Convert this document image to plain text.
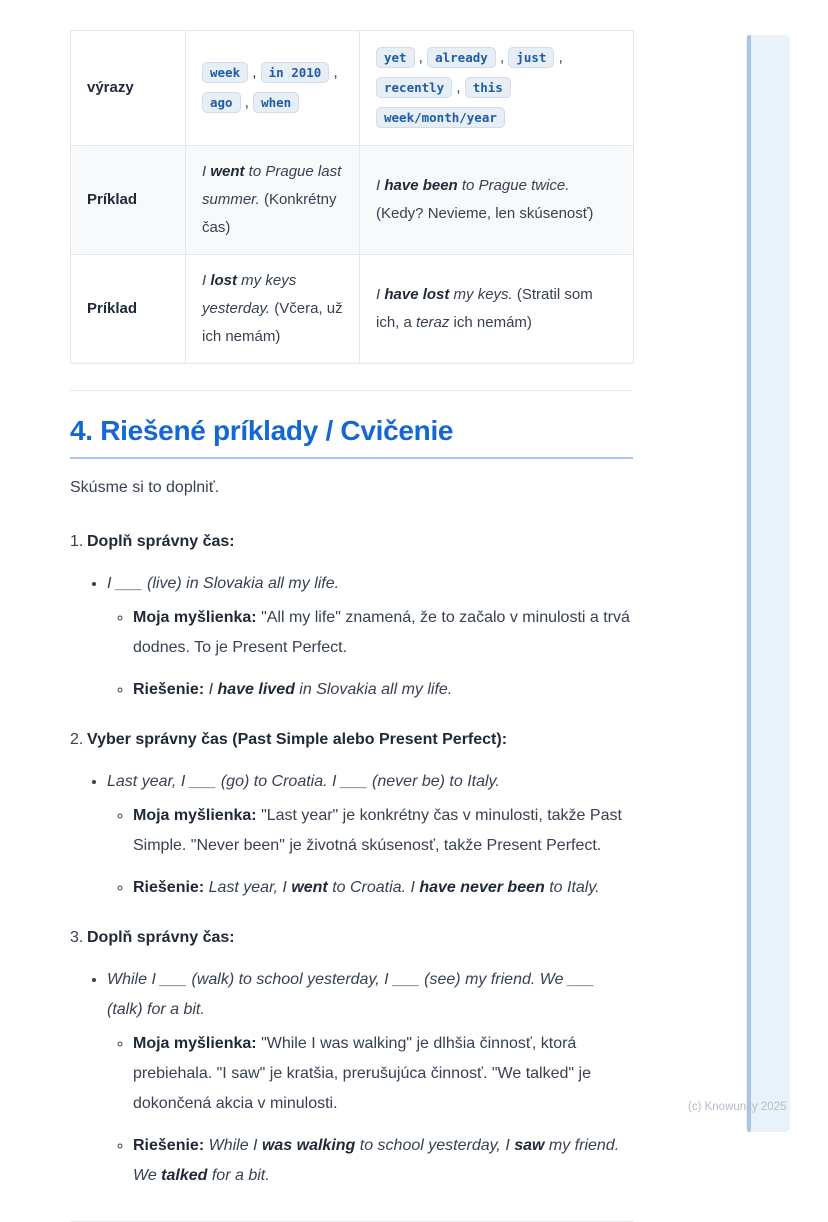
výrazy	week , in 2010 , ago , when	yet , already , just , recently , this week/month/year
Príklad	I went to Prague last summer. (Konkrétny čas)	I have been to Prague twice. (Kedy? Nevieme, len skúsenosť)
Príklad	I lost my keys yesterday. (Včera, už ich nemám)	I have lost my keys. (Stratil som ich, a teraz ich nemám)
4. Riešené príklady / Cvičenie

Skúsme si to doplniť.

1. Doplň správny čas:

• I ___ (live) in Slovakia all my life.
◦ Moja myšlienka: "All my life" znamená, že to začalo v minulosti a trvá dodnes. To je Present Perfect.
◦ Riešenie: I have lived in Slovakia all my life.
2. Vyber správny čas (Past Simple alebo Present Perfect):

• Last year, I ___ (go) to Croatia. I ___ (never be) to Italy.
◦ Moja myšlienka: "Last year" je konkrétny čas v minulosti, takže Past Simple. "Never been" je životná skúsenosť, takže Present Perfect.
◦ Riešenie: Last year, I went to Croatia. I have never been to Italy.
3. Doplň správny čas:

• While I ___ (walk) to school yesterday, I ___ (see) my friend. We ___ (talk) for a bit.
◦ Moja myšlienka: "While I was walking" je dlhšia činnosť, ktorá prebiehala. "I saw" je kratšia, prerušujúca činnosť. "We talked" je dokončená akcia v minulosti.
◦ Riešenie: While I was walking to school yesterday, I saw my friend. We talked for a bit.
(c) Knowunity 2025
